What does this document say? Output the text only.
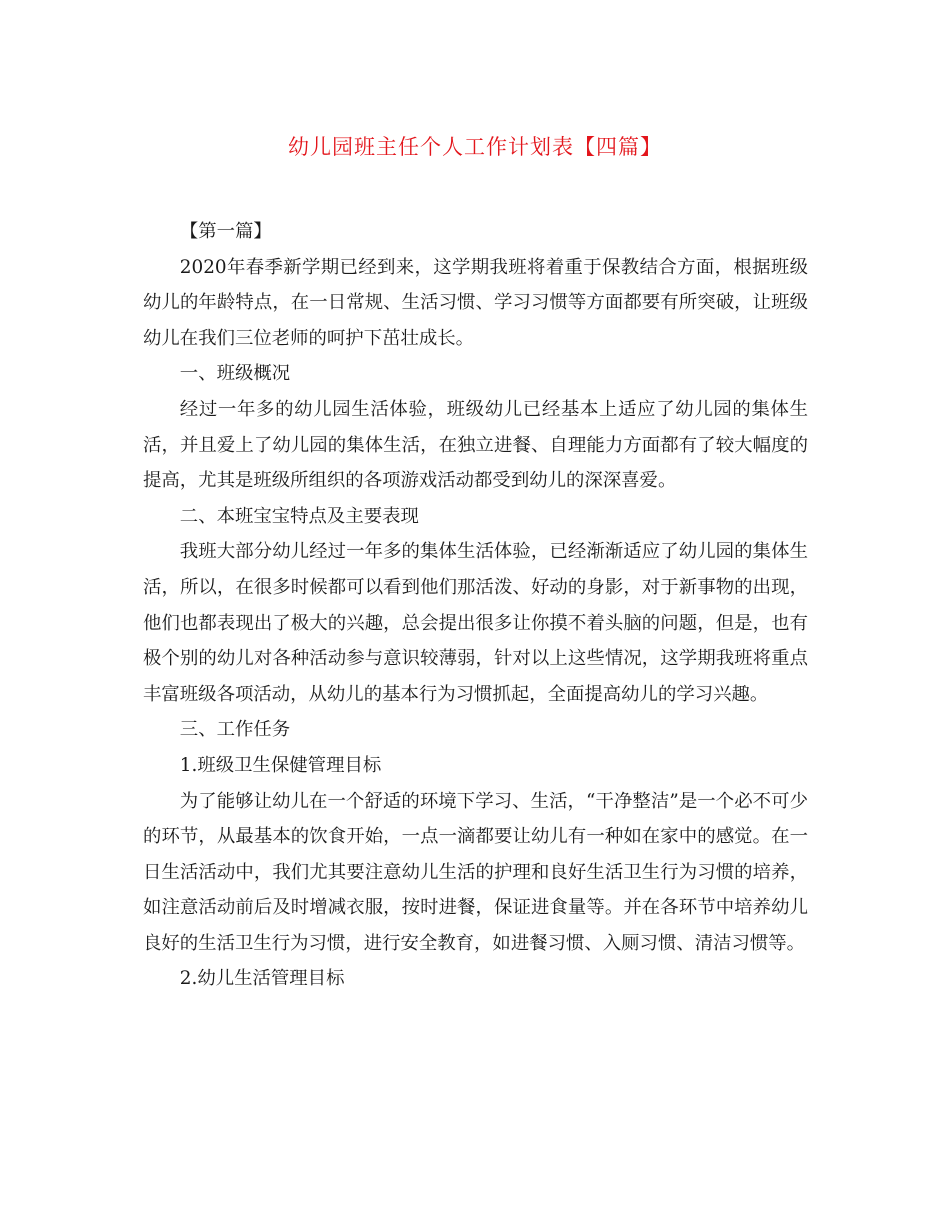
幼儿园班主任个人工作计划表【四篇】

【第一篇】

2020年春季新学期已经到来，这学期我班将着重于保教结合方面，根据班级幼儿的年龄特点，在一日常规、生活习惯、学习习惯等方面都要有所突破，让班级幼儿在我们三位老师的呵护下茁壮成长。

一、班级概况

经过一年多的幼儿园生活体验，班级幼儿已经基本上适应了幼儿园的集体生活，并且爱上了幼儿园的集体生活，在独立进餐、自理能力方面都有了较大幅度的提高，尤其是班级所组织的各项游戏活动都受到幼儿的深深喜爱。

二、本班宝宝特点及主要表现

我班大部分幼儿经过一年多的集体生活体验，已经渐渐适应了幼儿园的集体生活，所以，在很多时候都可以看到他们那活泼、好动的身影，对于新事物的出现，他们也都表现出了极大的兴趣，总会提出很多让你摸不着头脑的问题，但是，也有极个别的幼儿对各种活动参与意识较薄弱，针对以上这些情况，这学期我班将重点丰富班级各项活动，从幼儿的基本行为习惯抓起，全面提高幼儿的学习兴趣。

三、工作任务

1.班级卫生保健管理目标

为了能够让幼儿在一个舒适的环境下学习、生活，“干净整洁”是一个必不可少的环节，从最基本的饮食开始，一点一滴都要让幼儿有一种如在家中的感觉。在一日生活活动中，我们尤其要注意幼儿生活的护理和良好生活卫生行为习惯的培养，如注意活动前后及时增减衣服，按时进餐，保证进食量等。并在各环节中培养幼儿良好的生活卫生行为习惯，进行安全教育，如进餐习惯、入厕习惯、清洁习惯等。

2.幼儿生活管理目标
